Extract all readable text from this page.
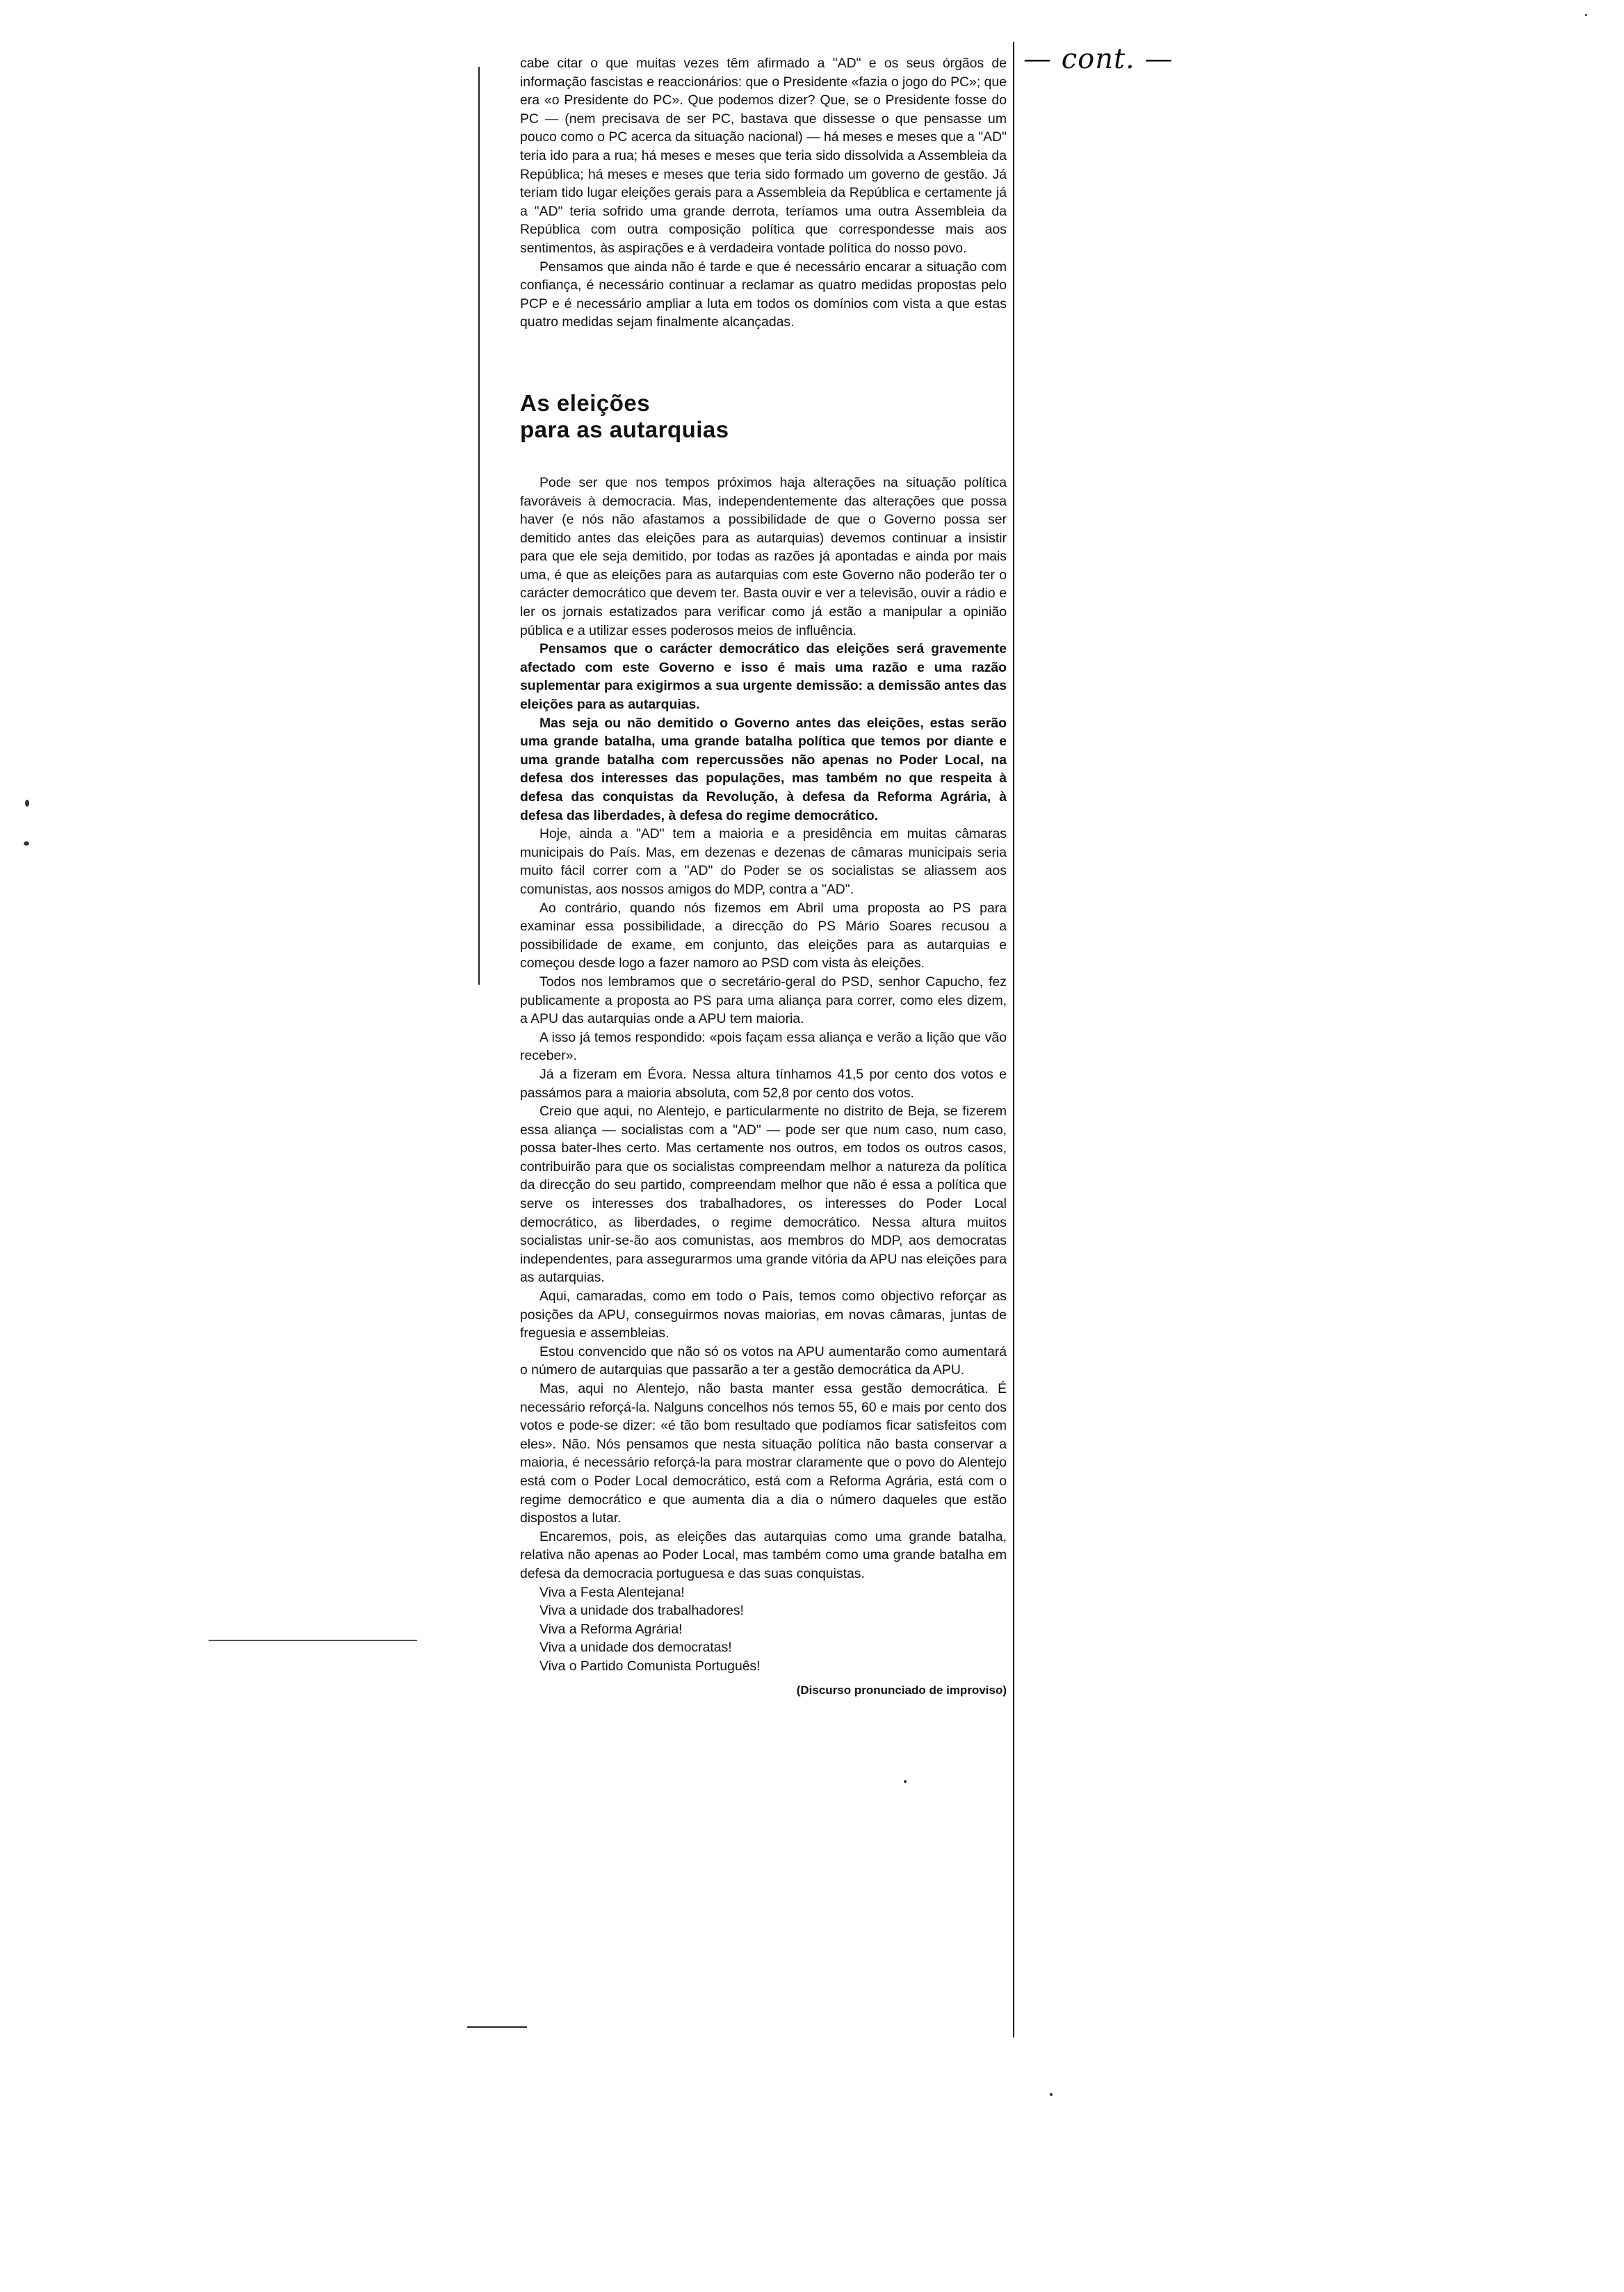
— cont. —

cabe citar o que muitas vezes têm afirmado a "AD" e os seus órgãos de informação fascistas e reaccionários: que o Presidente «fazia o jogo do PC»; que era «o Presidente do PC». Que podemos dizer? Que, se o Presidente fosse do PC — (nem precisava de ser PC, bastava que dissesse o que pensasse um pouco como o PC acerca da situação nacional) — há meses e meses que a "AD" teria ido para a rua; há meses e meses que teria sido dissolvida a Assembleia da República; há meses e meses que teria sido formado um governo de gestão. Já teriam tido lugar eleições gerais para a Assembleia da República e certamente já a "AD" teria sofrido uma grande derrota, teríamos uma outra Assembleia da República com outra composição política que correspondesse mais aos sentimentos, às aspirações e à verdadeira vontade política do nosso povo.

Pensamos que ainda não é tarde e que é necessário encarar a situação com confiança, é necessário continuar a reclamar as quatro medidas propostas pelo PCP e é necessário ampliar a luta em todos os domínios com vista a que estas quatro medidas sejam finalmente alcançadas.

As eleições
para as autarquias

Pode ser que nos tempos próximos haja alterações na situação política favoráveis à democracia. Mas, independentemente das alterações que possa haver (e nós não afastamos a possibilidade de que o Governo possa ser demitido antes das eleições para as autarquias) devemos continuar a insistir para que ele seja demitido, por todas as razões já apontadas e ainda por mais uma, é que as eleições para as autarquias com este Governo não poderão ter o carácter democrático que devem ter. Basta ouvir e ver a televisão, ouvir a rádio e ler os jornais estatizados para verificar como já estão a manipular a opinião pública e a utilizar esses poderosos meios de influência.

Pensamos que o carácter democrático das eleições será gravemente afectado com este Governo e isso é mais uma razão e uma razão suplementar para exigirmos a sua urgente demissão: a demissão antes das eleições para as autarquias.

Mas seja ou não demitido o Governo antes das eleições, estas serão uma grande batalha, uma grande batalha política que temos por diante e uma grande batalha com repercussões não apenas no Poder Local, na defesa dos interesses das populações, mas também no que respeita à defesa das conquistas da Revolução, à defesa da Reforma Agrária, à defesa das liberdades, à defesa do regime democrático.

Hoje, ainda a "AD" tem a maioria e a presidência em muitas câmaras municipais do País. Mas, em dezenas e dezenas de câmaras municipais seria muito fácil correr com a "AD" do Poder se os socialistas se aliassem aos comunistas, aos nossos amigos do MDP, contra a "AD".

Ao contrário, quando nós fizemos em Abril uma proposta ao PS para examinar essa possibilidade, a direcção do PS Mário Soares recusou a possibilidade de exame, em conjunto, das eleições para as autarquias e começou desde logo a fazer namoro ao PSD com vista às eleições.

Todos nos lembramos que o secretário-geral do PSD, senhor Capucho, fez publicamente a proposta ao PS para uma aliança para correr, como eles dizem, a APU das autarquias onde a APU tem maioria.

A isso já temos respondido: «pois façam essa aliança e verão a lição que vão receber».

Já a fizeram em Évora. Nessa altura tínhamos 41,5 por cento dos votos e passámos para a maioria absoluta, com 52,8 por cento dos votos.

Creio que aqui, no Alentejo, e particularmente no distrito de Beja, se fizerem essa aliança — socialistas com a "AD" — pode ser que num caso, num caso, possa bater-lhes certo. Mas certamente nos outros, em todos os outros casos, contribuirão para que os socialistas compreendam melhor a natureza da política da direcção do seu partido, compreendam melhor que não é essa a política que serve os interesses dos trabalhadores, os interesses do Poder Local democrático, as liberdades, o regime democrático. Nessa altura muitos socialistas unir-se-ão aos comunistas, aos membros do MDP, aos democratas independentes, para assegurarmos uma grande vitória da APU nas eleições para as autarquias.

Aqui, camaradas, como em todo o País, temos como objectivo reforçar as posições da APU, conseguirmos novas maiorias, em novas câmaras, juntas de freguesia e assembleias.

Estou convencido que não só os votos na APU aumentarão como aumentará o número de autarquias que passarão a ter a gestão democrática da APU.

Mas, aqui no Alentejo, não basta manter essa gestão democrática. É necessário reforçá-la. Nalguns concelhos nós temos 55, 60 e mais por cento dos votos e pode-se dizer: «é tão bom resultado que podíamos ficar satisfeitos com eles». Não. Nós pensamos que nesta situação política não basta conservar a maioria, é necessário reforçá-la para mostrar claramente que o povo do Alentejo está com o Poder Local democrático, está com a Reforma Agrária, está com o regime democrático e que aumenta dia a dia o número daqueles que estão dispostos a lutar.

Encaremos, pois, as eleições das autarquias como uma grande batalha, relativa não apenas ao Poder Local, mas também como uma grande batalha em defesa da democracia portuguesa e das suas conquistas.

Viva a Festa Alentejana!

Viva a unidade dos trabalhadores!

Viva a Reforma Agrária!

Viva a unidade dos democratas!

Viva o Partido Comunista Português!

(Discurso pronunciado de improviso)
